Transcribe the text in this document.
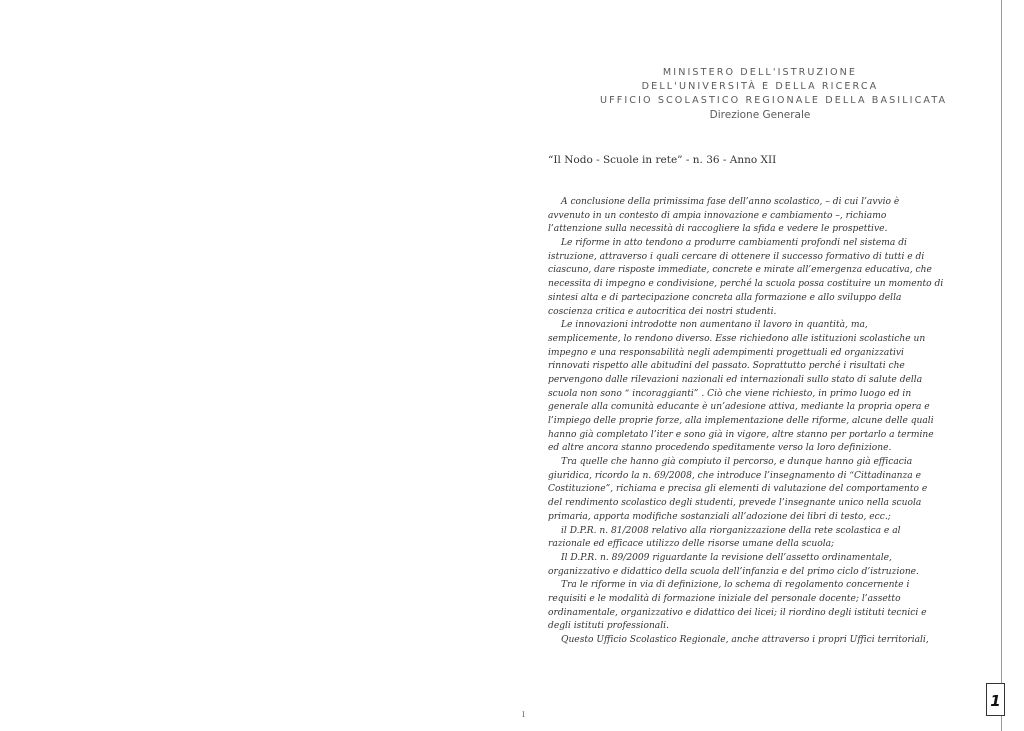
MINISTERO DELL'ISTRUZIONE
DELL'UNIVERSITÀ E DELLA RICERCA
UFFICIO SCOLASTICO REGIONALE DELLA BASILICATA
Direzione Generale
“Il Nodo - Scuole in rete” - n. 36 - Anno XII
A conclusione della primissima fase dell’anno scolastico, – di cui l’avvio è
avvenuto in un contesto di ampia innovazione e cambiamento –, richiamo
l’attenzione sulla necessità di raccogliere la sfida e vedere le prospettive.
Le riforme in atto tendono a produrre cambiamenti profondi nel sistema di
istruzione, attraverso i quali cercare di ottenere il successo formativo di tutti e di
ciascuno, dare risposte immediate, concrete e mirate all’emergenza educativa, che
necessita di impegno e condivisione, perché la scuola possa costituire un momento di
sintesi alta e di partecipazione concreta alla formazione e allo sviluppo della
coscienza critica e autocritica dei nostri studenti.
Le innovazioni introdotte non aumentano il lavoro in quantità, ma,
semplicemente, lo rendono diverso. Esse richiedono alle istituzioni scolastiche un
impegno e una responsabilità negli adempimenti progettuali ed organizzativi
rinnovati rispetto alle abitudini del passato. Soprattutto perché i risultati che
pervengono dalle rilevazioni nazionali ed internazionali sullo stato di salute della
scuola non sono “ incoraggianti” . Ciò che viene richiesto, in primo luogo ed in
generale alla comunità educante è un’adesione attiva, mediante la propria opera e
l’impiego delle proprie forze, alla implementazione delle riforme, alcune delle quali
hanno già completato l’iter e sono già in vigore, altre stanno per portarlo a termine
ed altre ancora stanno procedendo speditamente verso la loro definizione.
Tra quelle che hanno già compiuto il percorso, e dunque hanno già efficacia
giuridica, ricordo la n. 69/2008, che introduce l’insegnamento di “Cittadinanza e
Costituzione”, richiama e precisa gli elementi di valutazione del comportamento e
del rendimento scolastico degli studenti, prevede l’insegnante unico nella scuola
primaria, apporta modifiche sostanziali all’adozione dei libri di testo, ecc.;
il D.P.R. n. 81/2008 relativo alla riorganizzazione della rete scolastica e al
razionale ed efficace utilizzo delle risorse umane della scuola;
Il D.P.R. n. 89/2009 riguardante la revisione dell’assetto ordinamentale,
organizzativo e didattico della scuola dell’infanzia e del primo ciclo d’istruzione.
Tra le riforme in via di definizione, lo schema di regolamento concernente i
requisiti e le modalità di formazione iniziale del personale docente; l’assetto
ordinamentale, organizzativo e didattico dei licei; il riordino degli istituti tecnici e
degli istituti professionali.
Questo Ufficio Scolastico Regionale, anche attraverso i propri Uffici territoriali,
I
1
